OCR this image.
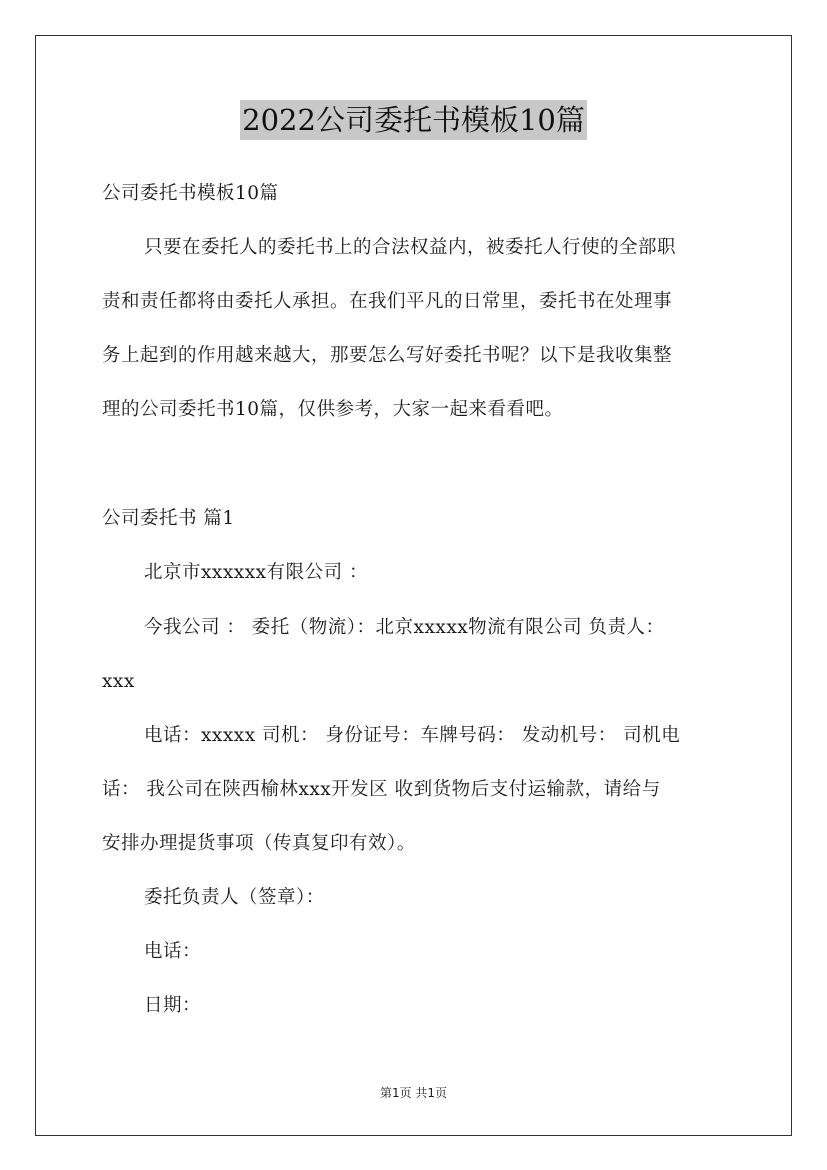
2022公司委托书模板10篇
公司委托书模板10篇
只要在委托人的委托书上的合法权益内，被委托人行使的全部职
责和责任都将由委托人承担。在我们平凡的日常里，委托书在处理事
务上起到的作用越来越大，那要怎么写好委托书呢？以下是我收集整
理的公司委托书10篇，仅供参考，大家一起来看看吧。
公司委托书 篇1
北京市xxxxxx有限公司 ：
今我公司 ： 委托（物流）：北京xxxxx物流有限公司 负责人：
xxx
电话：xxxxx 司机： 身份证号：车牌号码： 发动机号： 司机电
话： 我公司在陕西榆林xxx开发区 收到货物后支付运输款，请给与
安排办理提货事项（传真复印有效）。
委托负责人（签章）：
电话：
日期：
第1页 共1页
